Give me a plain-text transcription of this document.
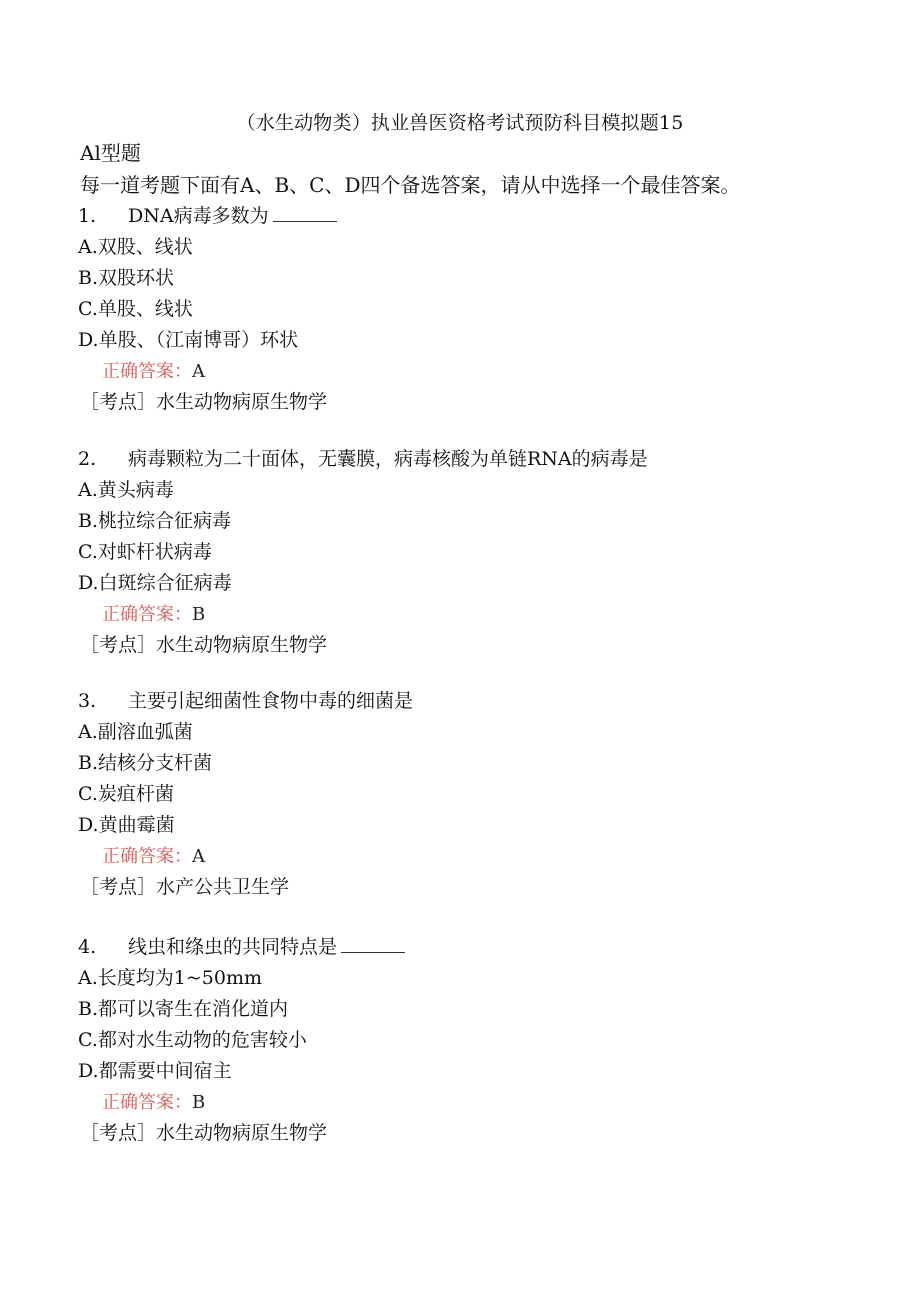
（水生动物类）执业兽医资格考试预防科目模拟题15
Al型题
每一道考题下面有A、B、C、D四个备选答案，请从中选择一个最佳答案。
1. DNA病毒多数为
A.双股、线状
B.双股环状
C.单股、线状
D.单股、（江南博哥）环状
正确答案：A
［考点］水生动物病原生物学
2. 病毒颗粒为二十面体，无囊膜，病毒核酸为单链RNA的病毒是
A.黄头病毒
B.桃拉综合征病毒
C.对虾杆状病毒
D.白斑综合征病毒
正确答案：B
［考点］水生动物病原生物学
3. 主要引起细菌性食物中毒的细菌是
A.副溶血弧菌
B.结核分支杆菌
C.炭疽杆菌
D.黄曲霉菌
正确答案：A
［考点］水产公共卫生学
4. 线虫和绦虫的共同特点是
A.长度均为1~50mm
B.都可以寄生在消化道内
C.都对水生动物的危害较小
D.都需要中间宿主
正确答案：B
［考点］水生动物病原生物学
